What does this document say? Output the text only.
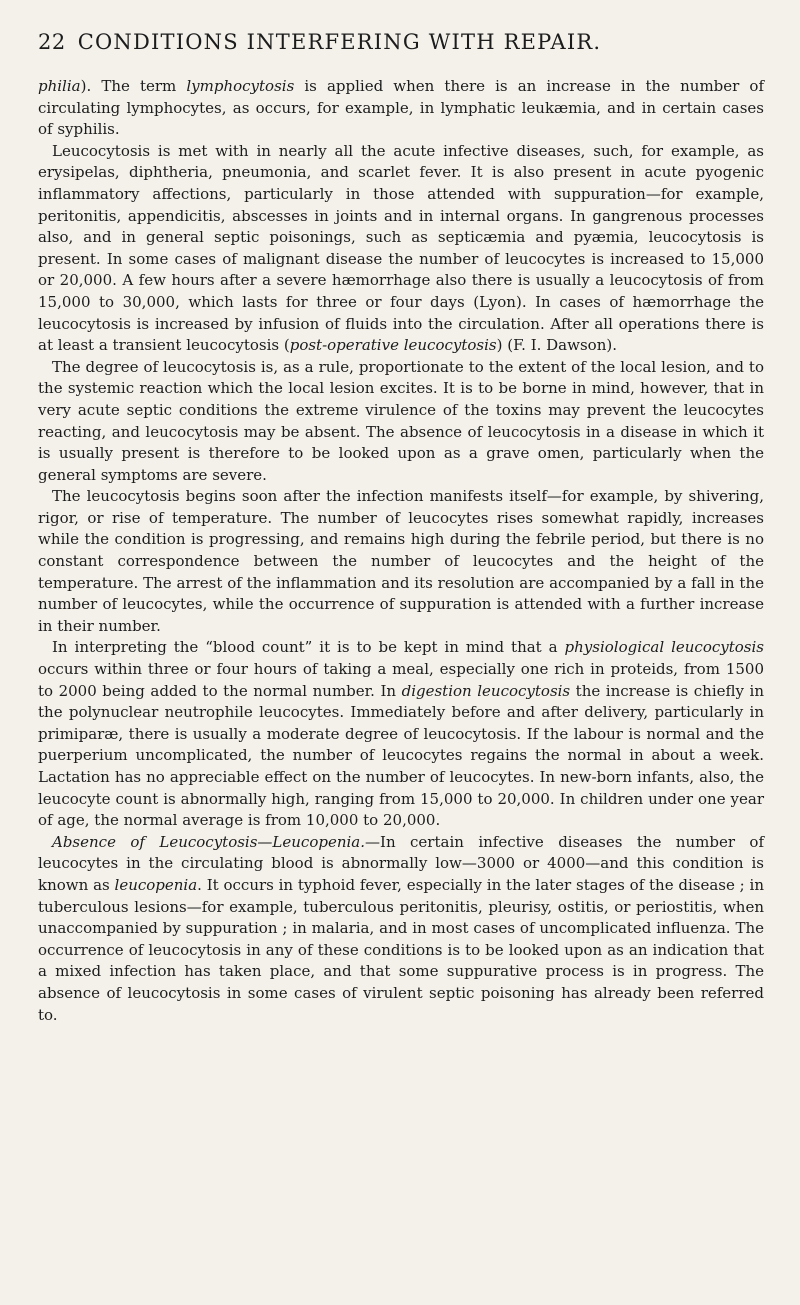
22 CONDITIONS INTERFERING WITH REPAIR.

philia). The term lymphocytosis is applied when there is an increase in the number of circulating lymphocytes, as occurs, for example, in lymphatic leukæmia, and in certain cases of syphilis.

Leucocytosis is met with in nearly all the acute infective diseases, such, for example, as erysipelas, diphtheria, pneumonia, and scarlet fever. It is also present in acute pyogenic inflammatory affections, particularly in those attended with suppuration—for example, peritonitis, appendicitis, abscesses in joints and in internal organs. In gangrenous processes also, and in general septic poisonings, such as septicæmia and pyæmia, leucocytosis is present. In some cases of malignant disease the number of leucocytes is increased to 15,000 or 20,000. A few hours after a severe hæmorrhage also there is usually a leucocytosis of from 15,000 to 30,000, which lasts for three or four days (Lyon). In cases of hæmorrhage the leucocytosis is increased by infusion of fluids into the circulation. After all operations there is at least a transient leucocytosis (post-operative leucocytosis) (F. I. Dawson).

The degree of leucocytosis is, as a rule, proportionate to the extent of the local lesion, and to the systemic reaction which the local lesion excites. It is to be borne in mind, however, that in very acute septic conditions the extreme virulence of the toxins may prevent the leucocytes reacting, and leucocytosis may be absent. The absence of leucocytosis in a disease in which it is usually present is therefore to be looked upon as a grave omen, particularly when the general symptoms are severe.

The leucocytosis begins soon after the infection manifests itself—for example, by shivering, rigor, or rise of temperature. The number of leucocytes rises somewhat rapidly, increases while the condition is progressing, and remains high during the febrile period, but there is no constant correspondence between the number of leucocytes and the height of the temperature. The arrest of the inflammation and its resolution are accompanied by a fall in the number of leucocytes, while the occurrence of suppuration is attended with a further increase in their number.

In interpreting the “blood count” it is to be kept in mind that a physiological leucocytosis occurs within three or four hours of taking a meal, especially one rich in proteids, from 1500 to 2000 being added to the normal number. In digestion leucocytosis the increase is chiefly in the polynuclear neutrophile leucocytes. Immediately before and after delivery, particularly in primiparæ, there is usually a moderate degree of leucocytosis. If the labour is normal and the puerperium uncomplicated, the number of leucocytes regains the normal in about a week. Lactation has no appreciable effect on the number of leucocytes. In new-born infants, also, the leucocyte count is abnormally high, ranging from 15,000 to 20,000. In children under one year of age, the normal average is from 10,000 to 20,000.

Absence of Leucocytosis—Leucopenia.—In certain infective diseases the number of leucocytes in the circulating blood is abnormally low—3000 or 4000—and this condition is known as leucopenia. It occurs in typhoid fever, especially in the later stages of the disease ; in tuberculous lesions—for example, tuberculous peritonitis, pleurisy, ostitis, or periostitis, when unaccompanied by suppuration ; in malaria, and in most cases of uncomplicated influenza. The occurrence of leucocytosis in any of these conditions is to be looked upon as an indication that a mixed infection has taken place, and that some suppurative process is in progress. The absence of leucocytosis in some cases of virulent septic poisoning has already been referred to.
